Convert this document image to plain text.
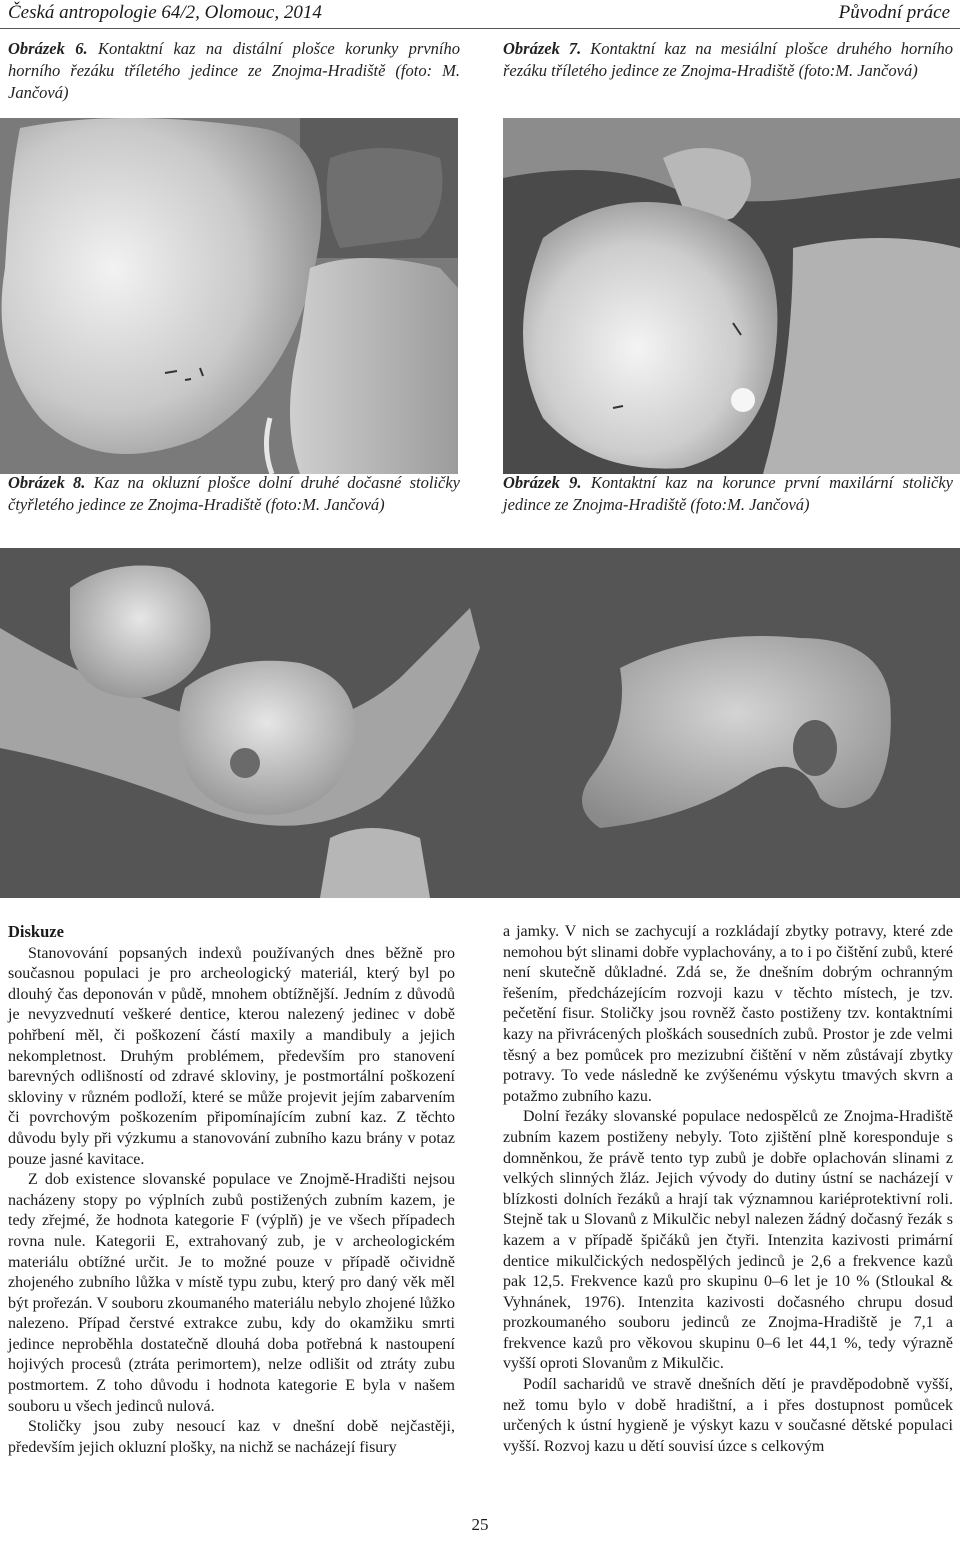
Česká antropologie 64/2, Olomouc, 2014	Původní práce
Obrázek 6. Kontaktní kaz na distální plošce korunky prvního horního řezáku tříletého jedince ze Znojma-Hradiště (foto: M. Jančová)
Obrázek 7. Kontaktní kaz na mesiální plošce druhého horního řezáku tříletého jedince ze Znojma-Hradiště (foto:M. Jančová)
Obrázek 8. Kaz na okluzní plošce dolní druhé dočasné stoličky čtyřletého jedince ze Znojma-Hradiště (foto:M. Jančová)
Obrázek 9. Kontaktní kaz na korunce první maxilární stoličky jedince ze Znojma-Hradiště (foto:M. Jančová)
Diskuze

Stanovování popsaných indexů používaných dnes běžně pro současnou populaci je pro archeologický materiál, který byl po dlouhý čas deponován v půdě, mnohem obtížnější. Jedním z důvodů je nevyzvednutí veškeré dentice, kterou nalezený jedinec v době pohřbení měl, či poškození částí maxily a mandibuly a jejich nekompletnost. Druhým problémem, především pro stanovení barevných odlišností od zdravé skloviny, je postmortální poškození skloviny v různém podloží, které se může projevit jejím zabarvením či povrchovým poškozením připomínajícím zubní kaz. Z těchto důvodu byly při výzkumu a stanovování zubního kazu brány v potaz pouze jasné kavitace.

Z dob existence slovanské populace ve Znojmě-Hradišti nejsou nacházeny stopy po výplních zubů postižených zubním kazem, je tedy zřejmé, že hodnota kategorie F (výplň) je ve všech případech rovna nule. Kategorii E, extrahovaný zub, je v archeologickém materiálu obtížné určit. Je to možné pouze v případě očividně zhojeného zubního lůžka v místě typu zubu, který pro daný věk měl být prořezán. V souboru zkoumaného materiálu nebylo zhojené lůžko nalezeno. Případ čerstvé extrakce zubu, kdy do okamžiku smrti jedince neproběhla dostatečně dlouhá doba potřebná k nastoupení hojivých procesů (ztráta perimortem), nelze odlišit od ztráty zubu postmortem. Z toho důvodu i hodnota kategorie E byla v našem souboru u všech jedinců nulová.

Stoličky jsou zuby nesoucí kaz v dnešní době nejčastěji, především jejich okluzní plošky, na nichž se nacházejí fisury

a jamky. V nich se zachycují a rozkládají zbytky potravy, které zde nemohou být slinami dobře vyplachovány, a to i po čištění zubů, které není skutečně důkladné. Zdá se, že dnešním dobrým ochranným řešením, předcházejícím rozvoji kazu v těchto místech, je tzv. pečetění fisur. Stoličky jsou rovněž často postiženy tzv. kontaktními kazy na přivrácených ploškách sousedních zubů. Prostor je zde velmi těsný a bez pomůcek pro mezizubní čištění v něm zůstávají zbytky potravy. To vede následně ke zvýšenému výskytu tmavých skvrn a potažmo zubního kazu.

Dolní řezáky slovanské populace nedospělců ze Znojma-Hradiště zubním kazem postiženy nebyly. Toto zjištění plně koresponduje s domněnkou, že právě tento typ zubů je dobře oplachován slinami z velkých slinných žláz. Jejich vývody do dutiny ústní se nacházejí v blízkosti dolních řezáků a hrají tak významnou kariéprotektivní roli. Stejně tak u Slovanů z Mikulčic nebyl nalezen žádný dočasný řezák s kazem a v případě špičáků jen čtyři. Intenzita kazivosti primární dentice mikulčických nedospělých jedinců je 2,6 a frekvence kazů pak 12,5. Frekvence kazů pro skupinu 0–6 let je 10 % (Stloukal & Vyhnánek, 1976). Intenzita kazivosti dočasného chrupu dosud prozkoumaného souboru jedinců ze Znojma-Hradiště je 7,1 a frekvence kazů pro věkovou skupinu 0–6 let 44,1 %, tedy výrazně vyšší oproti Slovanům z Mikulčic.

Podíl sacharidů ve stravě dnešních dětí je pravděpodobně vyšší, než tomu bylo v době hradištní, a i přes dostupnost pomůcek určených k ústní hygieně je výskyt kazu v současné dětské populaci vyšší. Rozvoj kazu u dětí souvisí úzce s celkovým

25
